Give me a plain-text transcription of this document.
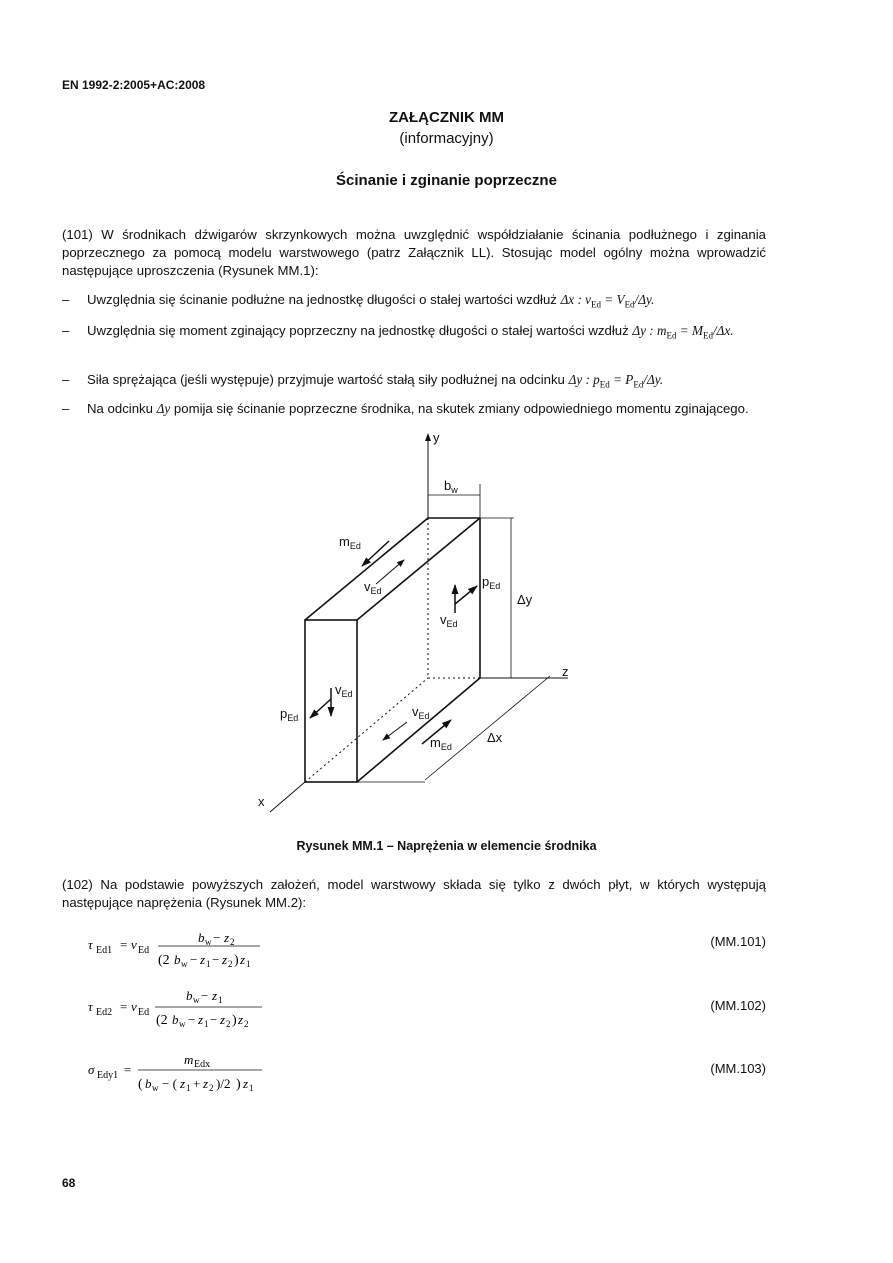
EN 1992-2:2005+AC:2008
ZAŁĄCZNIK MM
(informacyjny)
Ścinanie i zginanie poprzeczne
(101) W środnikach dźwigarów skrzynkowych można uwzględnić współdziałanie ścinania podłużnego i zginania poprzecznego za pomocą modelu warstwowego (patrz Załącznik LL). Stosując model ogólny można wprowadzić następujące uproszczenia (Rysunek MM.1):
– Uwzględnia się ścinanie podłużne na jednostkę długości o stałej wartości wzdłuż Δx : $v_{Ed} = V_{Ed}/\Delta y$.
– Uwzględnia się moment zginający poprzeczny na jednostkę długości o stałej wartości wzdłuż Δy : $m_{Ed} = M_{Ed}/\Delta x$.
– Siła sprężająca (jeśli występuje) przyjmuje wartość stałą siły podłużnej na odcinku Δy : $p_{Ed} = P_{Ed}/\Delta y$.
– Na odcinku Δy pomija się ścinanie poprzeczne środnika, na skutek zmiany odpowiedniego momentu zginającego.
y
$b_w$
Δy
z
Δx
x
$m_{Ed}$
$v_{Ed}$
$p_{Ed}$
$v_{Ed}$
$v_{Ed}$
$p_{Ed}$	$v_{Ed}$
$m_{Ed}$
Rysunek MM.1 – Naprężenia w elemencie środnika
(102) Na podstawie powyższych założeń, model warstwowy składa się tylko z dwóch płyt, w których występują następujące naprężenia (Rysunek MM.2):
τ Ed1 = v Ed
b w − z 2
(2 b w − z 1 − z 2 ) z 1
(MM.101)
τ Ed2 = v Ed
b w − z 1
(2 b w − z 1 − z 2 ) z 2
(MM.102)
σ Edy1 =
m Edx
( b w − ( z 1 + z 2 )/2 ) z 1
(MM.103)
68
